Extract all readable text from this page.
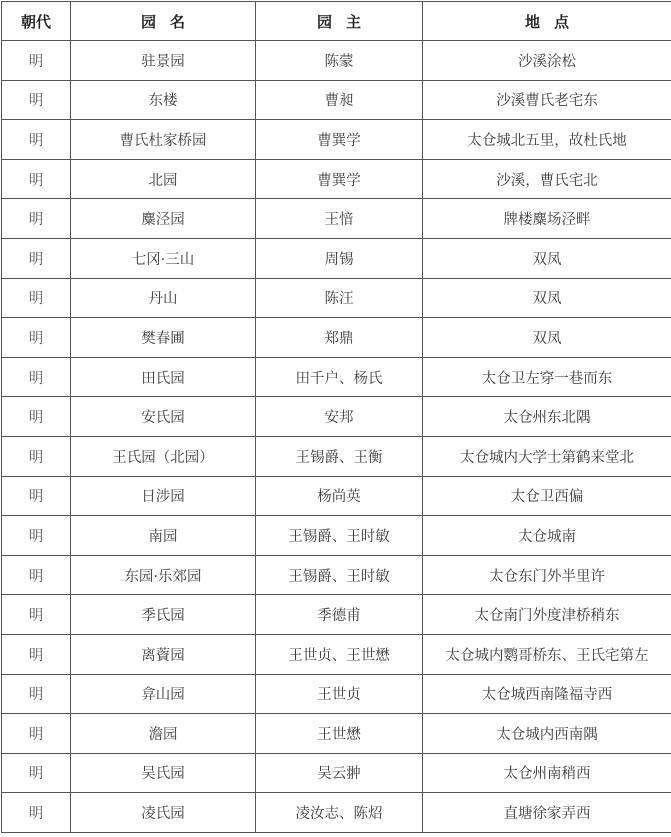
朝代	园名	园主	地点
明	驻景园	陈蒙	沙溪涂松
明	东楼	曹昶	沙溪曹氏老宅东
明	曹氏杜家桥园	曹巽学	太仓城北五里，故杜氏地
明	北园	曹巽学	沙溪，曹氏宅北
明	麋泾园	王愔	牌楼麋场泾畔
明	七冈·三山	周锡	双凤
明	丹山	陈汪	双凤
明	樊春圃	郑鼎	双凤
明	田氏园	田千户、杨氏	太仓卫左穿一巷而东
明	安氏园	安邦	太仓州东北隅
明	王氏园（北园）	王锡爵、王衡	太仓城内大学士第鹤来堂北
明	日涉园	杨尚英	太仓卫西偏
明	南园	王锡爵、王时敏	太仓城南
明	东园·乐郊园	王锡爵、王时敏	太仓东门外半里许
明	季氏园	季德甫	太仓南门外度津桥稍东
明	离薋园	王世贞、王世懋	太仓城内鹦哥桥东、王氏宅第左
明	弇山园	王世贞	太仓城西南隆福寺西
明	澹园	王世懋	太仓城内西南隅
明	吴氏园	吴云翀	太仓州南稍西
明	凌氏园	凌汝志、陈炤	直塘徐家弄西
